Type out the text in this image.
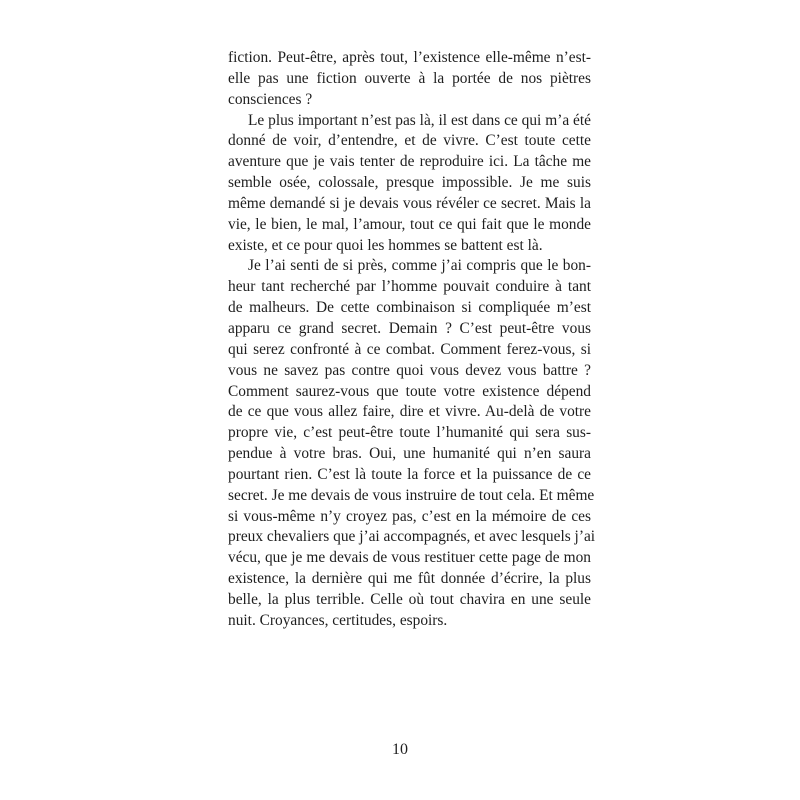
fiction. Peut-être, après tout, l’existence elle-même n’est-
elle pas une fiction ouverte à la portée de nos piètres
consciences ?
Le plus important n’est pas là, il est dans ce qui m’a été
donné de voir, d’entendre, et de vivre. C’est toute cette
aventure que je vais tenter de reproduire ici. La tâche me
semble osée, colossale, presque impossible. Je me suis
même demandé si je devais vous révéler ce secret. Mais la
vie, le bien, le mal, l’amour, tout ce qui fait que le monde
existe, et ce pour quoi les hommes se battent est là.
Je l’ai senti de si près, comme j’ai compris que le bon-
heur tant recherché par l’homme pouvait conduire à tant
de malheurs. De cette combinaison si compliquée m’est
apparu ce grand secret. Demain ? C’est peut-être vous
qui serez confronté à ce combat. Comment ferez-vous, si
vous ne savez pas contre quoi vous devez vous battre ?
Comment saurez-vous que toute votre existence dépend
de ce que vous allez faire, dire et vivre. Au-delà de votre
propre vie, c’est peut-être toute l’humanité qui sera sus-
pendue à votre bras. Oui, une humanité qui n’en saura
pourtant rien. C’est là toute la force et la puissance de ce
secret. Je me devais de vous instruire de tout cela. Et même
si vous-même n’y croyez pas, c’est en la mémoire de ces
preux chevaliers que j’ai accompagnés, et avec lesquels j’ai
vécu, que je me devais de vous restituer cette page de mon
existence, la dernière qui me fût donnée d’écrire, la plus
belle, la plus terrible. Celle où tout chavira en une seule
nuit. Croyances, certitudes, espoirs.
10
